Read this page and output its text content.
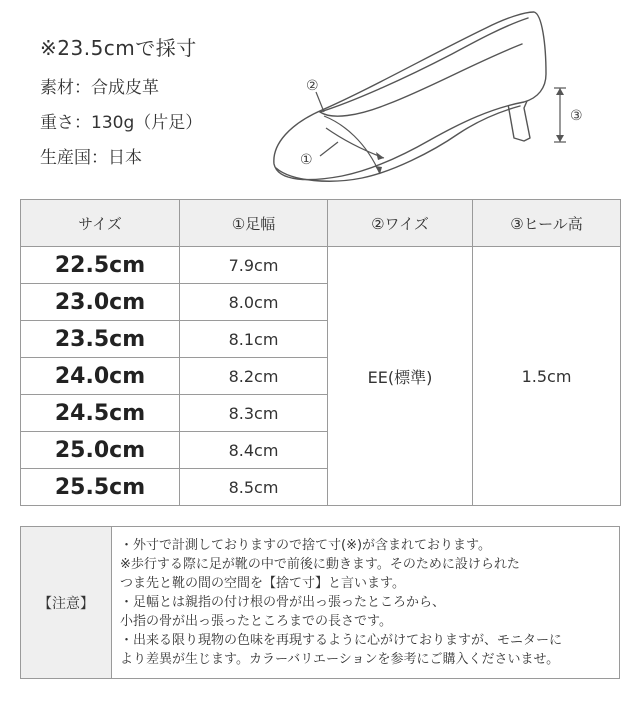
※23.5cmで採寸
素材：合成皮革
重さ：130g（片足）
生産国：日本	①
②
③
サイズ	①足幅	②ワイズ	③ヒール高
22.5cm	7.9cm	EE(標準)	1.5cm
23.0cm	8.0cm		
23.5cm	8.1cm		
24.0cm	8.2cm		
24.5cm	8.3cm		
25.0cm	8.4cm		
25.5cm	8.5cm		
【注意】	
・外寸で計測しておりますので捨て寸(※)が含まれております。
※歩行する際に足が靴の中で前後に動きます。そのために設けられた
つま先と靴の間の空間を【捨て寸】と言います。
・足幅とは親指の付け根の骨が出っ張ったところから、
小指の骨が出っ張ったところまでの長さです。
・出来る限り現物の色味を再現するように心がけておりますが、モニターに
より差異が生じます。カラーバリエーションを参考にご購入くださいませ。
